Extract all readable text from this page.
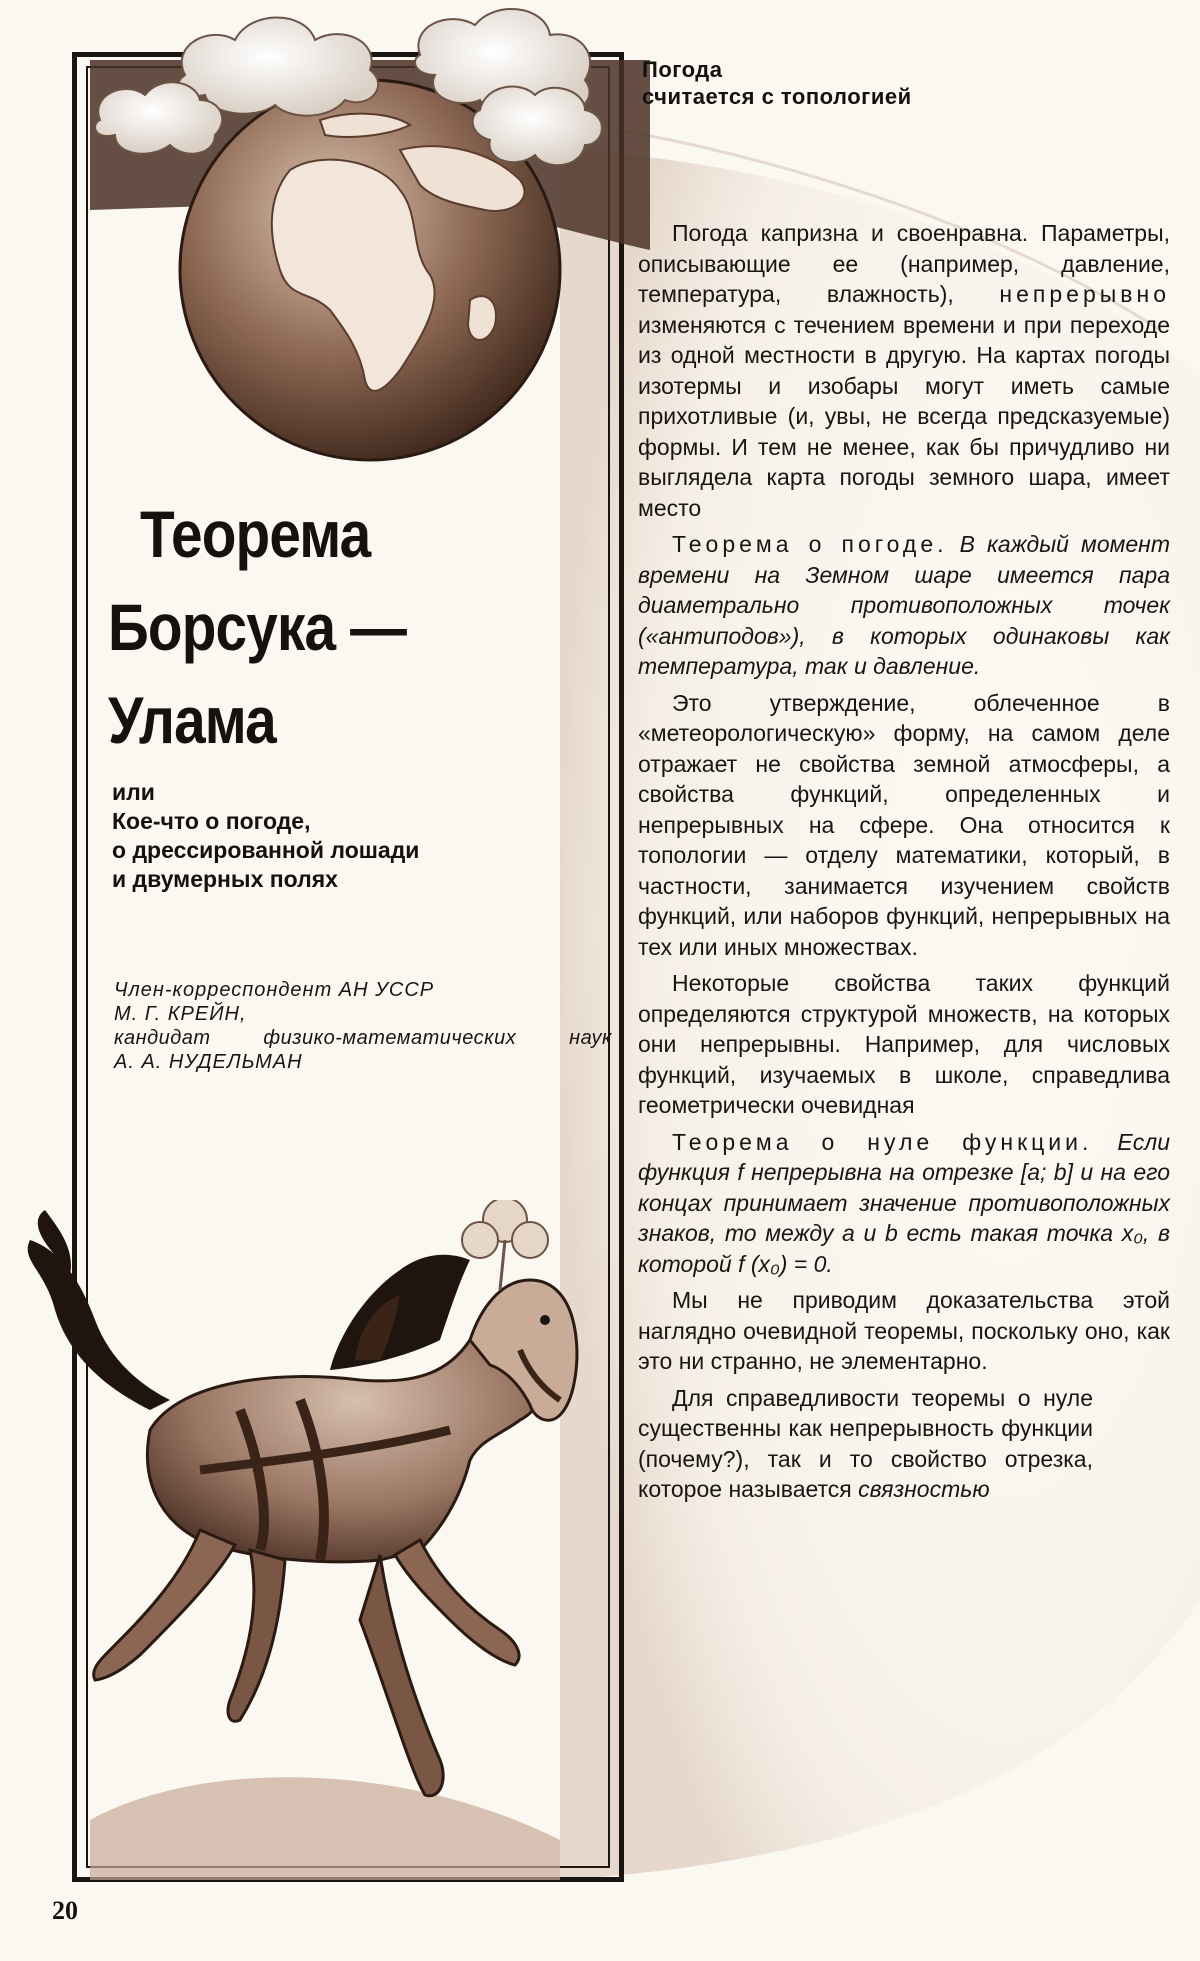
Теорема
Борсука —
Улама
или
Кое-что о погоде,
о дрессированной лошади
и двумерных полях
Член-корреспондент АН УССР
М. Г. КРЕЙН,
кандидат	физико-математических	наук
А. А. НУДЕЛЬМАН
Погода
считается с топологией

Погода капризна и своенравна. Параметры, описывающие ее (например, давление, температура, влажность), непрерывно изменяются с течением времени и при переходе из одной местности в другую. На картах погоды изотермы и изобары могут иметь самые прихотливые (и, увы, не всегда предсказуемые) формы. И тем не менее, как бы причудливо ни выглядела карта погоды земного шара, имеет место

Теорема о погоде. В каждый момент времени на Земном шаре имеется пара диаметрально противоположных точек («антиподов»), в которых одинаковы как температура, так и давление.

Это утверждение, облеченное в «метеорологическую» форму, на самом деле отражает не свойства земной атмосферы, а свойства функций, определенных и непрерывных на сфере. Она относится к топологии — отделу математики, который, в частности, занимается изучением свойств функций, или наборов функций, непрерывных на тех или иных множествах.

Некоторые свойства таких функций определяются структурой множеств, на которых они непрерывны. Например, для числовых функций, изучаемых в школе, справедлива геометрически очевидная

Теорема о нуле функции. Если функция f непрерывна на отрезке [a; b] и на его концах принимает значение противоположных знаков, то между a и b есть такая точка x₀, в которой f (x₀) = 0.

Мы не приводим доказательства этой наглядно очевидной теоремы, поскольку оно, как это ни странно, не элементарно.

Для справедливости теоремы о нуле существенны как непрерывность функции (почему?), так и то свойство отрезка, которое называется связностью

20
